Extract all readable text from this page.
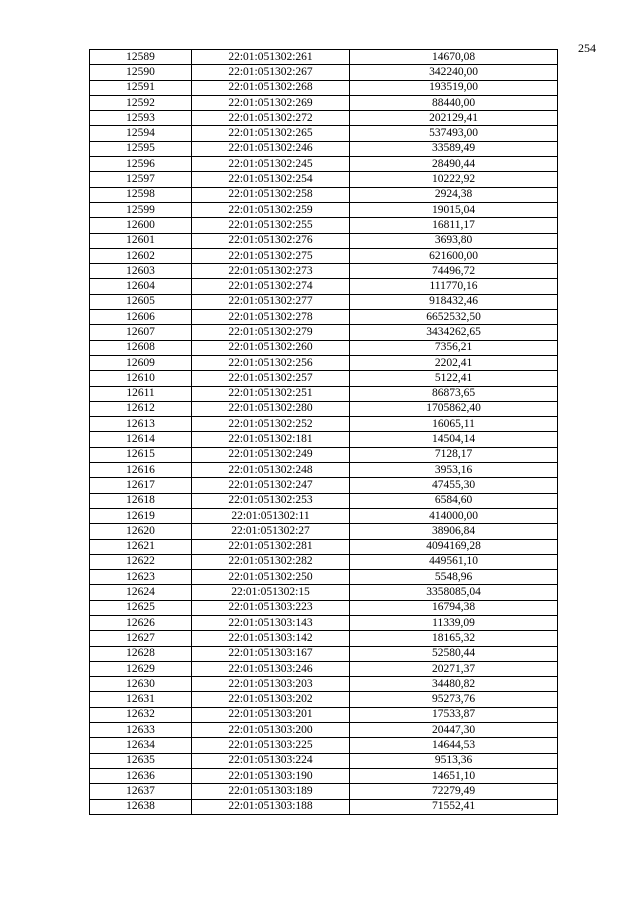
254
12589	22:01:051302:261	14670,08
12590	22:01:051302:267	342240,00
12591	22:01:051302:268	193519,00
12592	22:01:051302:269	88440,00
12593	22:01:051302:272	202129,41
12594	22:01:051302:265	537493,00
12595	22:01:051302:246	33589,49
12596	22:01:051302:245	28490,44
12597	22:01:051302:254	10222,92
12598	22:01:051302:258	2924,38
12599	22:01:051302:259	19015,04
12600	22:01:051302:255	16811,17
12601	22:01:051302:276	3693,80
12602	22:01:051302:275	621600,00
12603	22:01:051302:273	74496,72
12604	22:01:051302:274	111770,16
12605	22:01:051302:277	918432,46
12606	22:01:051302:278	6652532,50
12607	22:01:051302:279	3434262,65
12608	22:01:051302:260	7356,21
12609	22:01:051302:256	2202,41
12610	22:01:051302:257	5122,41
12611	22:01:051302:251	86873,65
12612	22:01:051302:280	1705862,40
12613	22:01:051302:252	16065,11
12614	22:01:051302:181	14504,14
12615	22:01:051302:249	7128,17
12616	22:01:051302:248	3953,16
12617	22:01:051302:247	47455,30
12618	22:01:051302:253	6584,60
12619	22:01:051302:11	414000,00
12620	22:01:051302:27	38906,84
12621	22:01:051302:281	4094169,28
12622	22:01:051302:282	449561,10
12623	22:01:051302:250	5548,96
12624	22:01:051302:15	3358085,04
12625	22:01:051303:223	16794,38
12626	22:01:051303:143	11339,09
12627	22:01:051303:142	18165,32
12628	22:01:051303:167	52580,44
12629	22:01:051303:246	20271,37
12630	22:01:051303:203	34480,82
12631	22:01:051303:202	95273,76
12632	22:01:051303:201	17533,87
12633	22:01:051303:200	20447,30
12634	22:01:051303:225	14644,53
12635	22:01:051303:224	9513,36
12636	22:01:051303:190	14651,10
12637	22:01:051303:189	72279,49
12638	22:01:051303:188	71552,41
